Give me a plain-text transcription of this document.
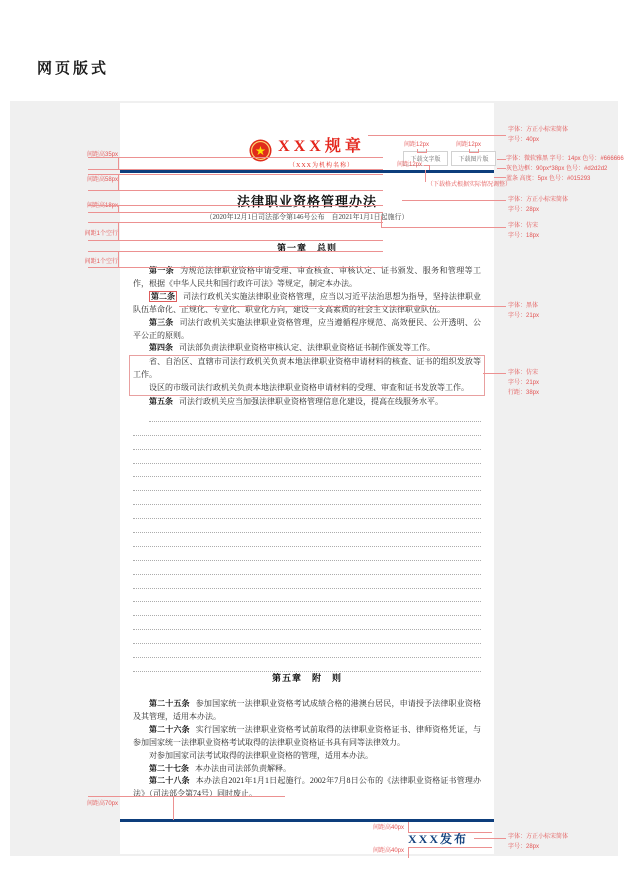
网页版式
★ XXX规章
（XXX为机构名称）
下载文字版	下载图片版
法律职业资格管理办法
（2020年12月1日司法部令第146号公布　自2021年1月1日起施行）
第一章　总则

第一条 为规范法律职业资格申请受理、审查核查、审核认定、证书颁发、服务和管理等工作，根据《中华人民共和国行政许可法》等规定，制定本办法。

第二条 司法行政机关实施法律职业资格管理，应当以习近平法治思想为指导，坚持法律职业队伍革命化、正规化、专业化、职业化方向，建设一支高素质的社会主义法律职业队伍。

第三条 司法行政机关实施法律职业资格管理，应当遵循程序规范、高效便民、公开透明、公平公正的原则。

第四条 司法部负责法律职业资格审核认定、法律职业资格证书制作颁发等工作。

省、自治区、直辖市司法行政机关负责本地法律职业资格申请材料的核查、证书的组织发放等工作。

设区的市级司法行政机关负责本地法律职业资格申请材料的受理、审查和证书发放等工作。

第五条 司法行政机关应当加强法律职业资格管理信息化建设，提高在线服务水平。

第五章　附　则

第二十五条 参加国家统一法律职业资格考试成绩合格的港澳台居民，申请授予法律职业资格及其管理，适用本办法。

第二十六条 实行国家统一法律职业资格考试前取得的法律职业资格证书、律师资格凭证，与参加国家统一法律职业资格考试取得的法律职业资格证书具有同等法律效力。

对参加国家司法考试取得的法律职业资格的管理，适用本办法。

第二十七条 本办法由司法部负责解释。

第二十八条 本办法自2021年1月1日起施行。2002年7月8日公布的《法律职业资格证书管理办法》（司法部令第74号）同时废止。

XXX发布
间距高35px
间距高58px
间距高18px
间距1个空行
间距1个空行
间距高70px
间距12px	间距12px
间距12px
（下载格式根据实际情况调整）
字体：方正小标宋简体
字号：40px
字体：微软雅黑 字号：14px 色号：#666666
灰色边框：90px*38px 色号：#d2d2d2
蓝条 高度：5px 色号：#015293
字体：方正小标宋简体
字号：28px
字体：仿宋
字号：18px
字体：黑体
字号：21px
字体：仿宋
字号：21px
行距：38px
字体：方正小标宋简体
字号：28px
间距高40px
间距高40px
